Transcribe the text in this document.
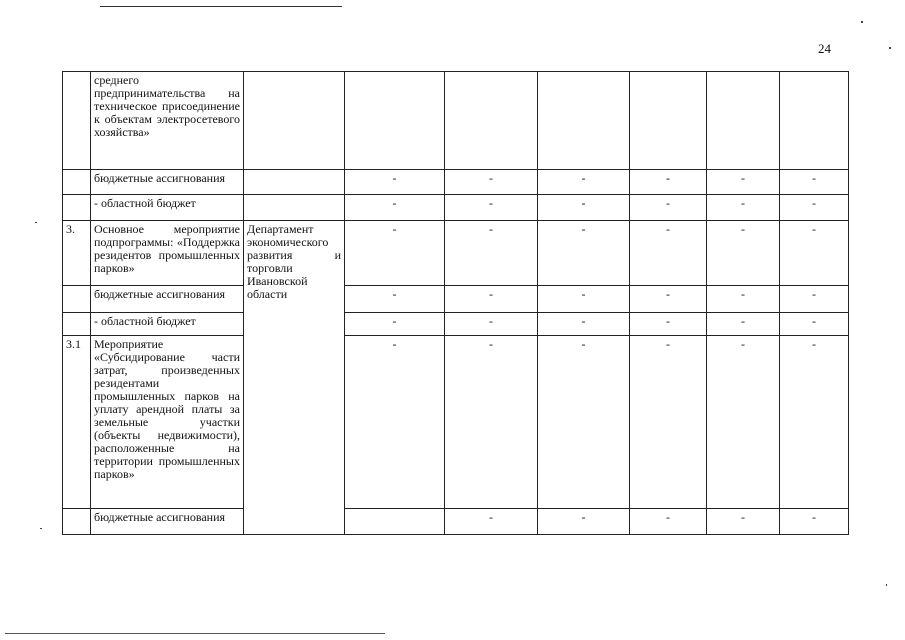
24
	среднего предпринимательства на техническое присоединение к объектам электросетевого хозяйства»								
	бюджетные ассигнования		-	-	-	-	-	-	
	- областной бюджет		-	-	-	-	-	-	
3.	Основное мероприятие подпрограммы: «Поддержка резидентов промышленных парков»	Департамент экономического развития и торговли Ивановской области	-	-	-	-	-	-	
	бюджетные ассигнования		-	-	-	-	-	-	
	- областной бюджет		-	-	-	-	-	-	
3.1	Мероприятие «Субсидирование части затрат, произведенных резидентами промышленных парков на уплату арендной платы за земельные участки (объекты недвижимости), расположенные на территории промышленных парков»		-	-	-	-	-	-	
	бюджетные ассигнования			-	-	-	-	-	
